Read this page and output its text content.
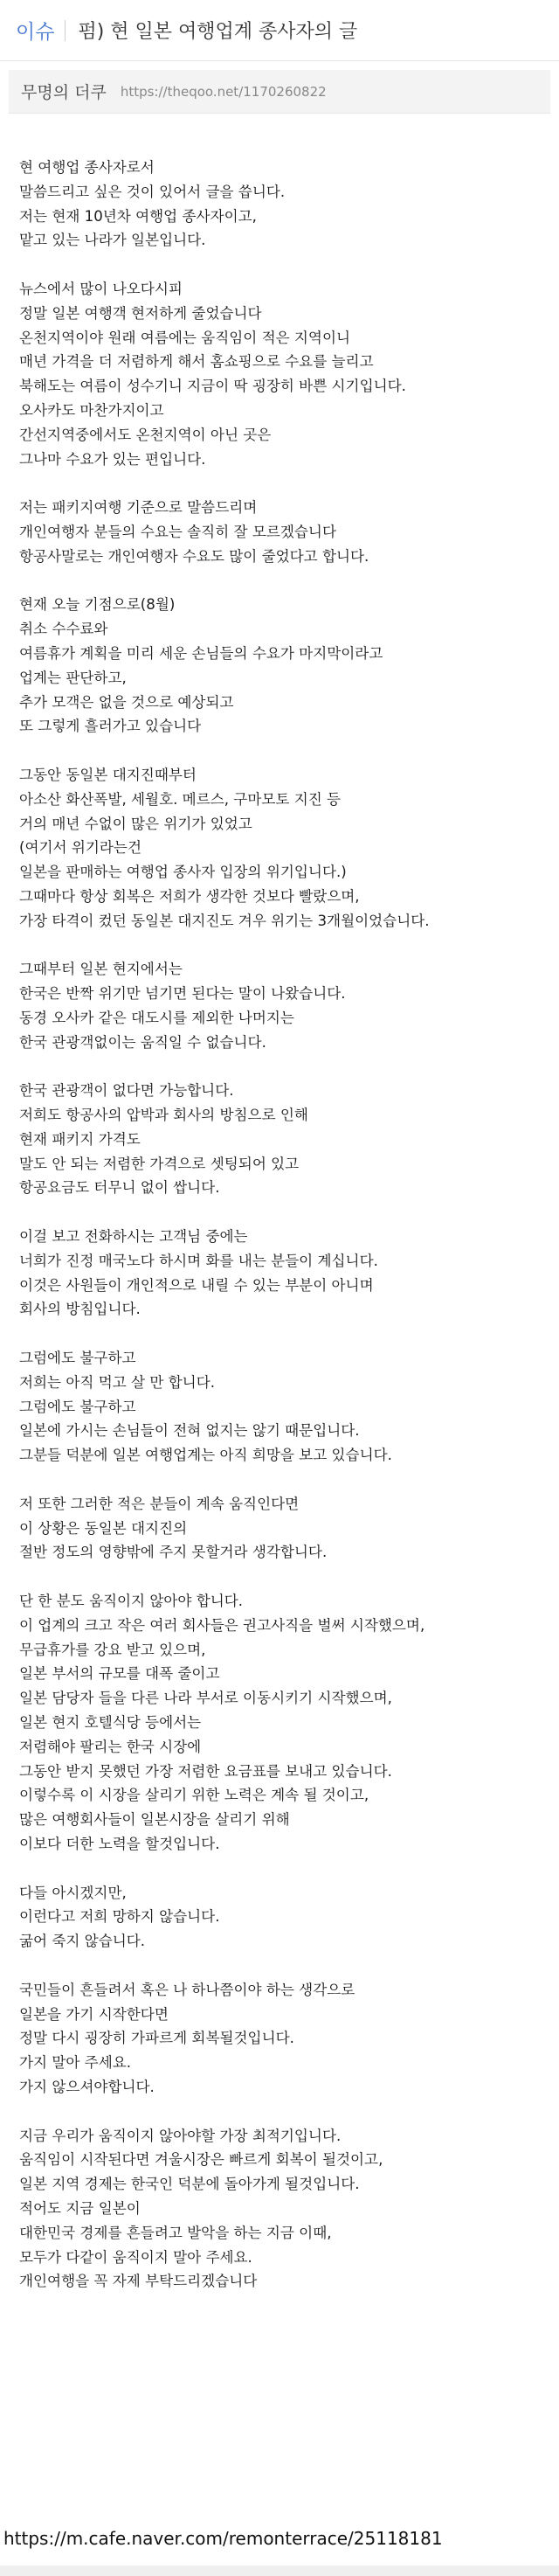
이슈 펌) 현 일본 여행업계 종사자의 글
무명의 더쿠 https://theqoo.net/1170260822
현 여행업 종사자로서
말씀드리고 싶은 것이 있어서 글을 씁니다.
저는 현재 10년차 여행업 종사자이고,
맡고 있는 나라가 일본입니다.
뉴스에서 많이 나오다시피
정말 일본 여행객 현저하게 줄었습니다
온천지역이야 원래 여름에는 움직임이 적은 지역이니
매년 가격을 더 저렴하게 해서 홈쇼핑으로 수요를 늘리고
북해도는 여름이 성수기니 지금이 딱 굉장히 바쁜 시기입니다.
오사카도 마찬가지이고
간선지역중에서도 온천지역이 아닌 곳은
그나마 수요가 있는 편입니다.
저는 패키지여행 기준으로 말씀드리며
개인여행자 분들의 수요는 솔직히 잘 모르겠습니다
항공사말로는 개인여행자 수요도 많이 줄었다고 합니다.
현재 오늘 기점으로(8월)
취소 수수료와
여름휴가 계획을 미리 세운 손님들의 수요가 마지막이라고
업계는 판단하고,
추가 모객은 없을 것으로 예상되고
또 그렇게 흘러가고 있습니다
그동안 동일본 대지진때부터
아소산 화산폭발, 세월호. 메르스, 구마모토 지진 등
거의 매년 수없이 많은 위기가 있었고
(여기서 위기라는건
일본을 판매하는 여행업 종사자 입장의 위기입니다.)
그때마다 항상 회복은 저희가 생각한 것보다 빨랐으며,
가장 타격이 컸던 동일본 대지진도 겨우 위기는 3개월이었습니다.
그때부터 일본 현지에서는
한국은 반짝 위기만 넘기면 된다는 말이 나왔습니다.
동경 오사카 같은 대도시를 제외한 나머지는
한국 관광객없이는 움직일 수 없습니다.
한국 관광객이 없다면 가능합니다.
저희도 항공사의 압박과 회사의 방침으로 인해
현재 패키지 가격도
말도 안 되는 저렴한 가격으로 셋팅되어 있고
항공요금도 터무니 없이 쌉니다.
이걸 보고 전화하시는 고객님 중에는
너희가 진정 매국노다 하시며 화를 내는 분들이 계십니다.
이것은 사원들이 개인적으로 내릴 수 있는 부분이 아니며
회사의 방침입니다.
그럼에도 불구하고
저희는 아직 먹고 살 만 합니다.
그럼에도 불구하고
일본에 가시는 손님들이 전혀 없지는 않기 때문입니다.
그분들 덕분에 일본 여행업계는 아직 희망을 보고 있습니다.
저 또한 그러한 적은 분들이 계속 움직인다면
이 상황은 동일본 대지진의
절반 정도의 영향밖에 주지 못할거라 생각합니다.
단 한 분도 움직이지 않아야 합니다.
이 업계의 크고 작은 여러 회사들은 권고사직을 벌써 시작했으며,
무급휴가를 강요 받고 있으며,
일본 부서의 규모를 대폭 줄이고
일본 담당자 들을 다른 나라 부서로 이동시키기 시작했으며,
일본 현지 호텔식당 등에서는
저렴해야 팔리는 한국 시장에
그동안 받지 못했던 가장 저렴한 요금표를 보내고 있습니다.
이렇수록 이 시장을 살리기 위한 노력은 계속 될 것이고,
많은 여행회사들이 일본시장을 살리기 위해
이보다 더한 노력을 할것입니다.
다들 아시겠지만,
이런다고 저희 망하지 않습니다.
굶어 죽지 않습니다.
국민들이 흔들려서 혹은 나 하나쯤이야 하는 생각으로
일본을 가기 시작한다면
정말 다시 굉장히 가파르게 회복될것입니다.
가지 말아 주세요.
가지 않으셔야합니다.
지금 우리가 움직이지 않아야할 가장 최적기입니다.
움직임이 시작된다면 겨울시장은 빠르게 회복이 될것이고,
일본 지역 경제는 한국인 덕분에 돌아가게 될것입니다.
적어도 지금 일본이
대한민국 경제를 흔들려고 발악을 하는 지금 이때,
모두가 다같이 움직이지 말아 주세요.
개인여행을 꼭 자제 부탁드리겠습니다
https://m.cafe.naver.com/remonterrace/25118181
